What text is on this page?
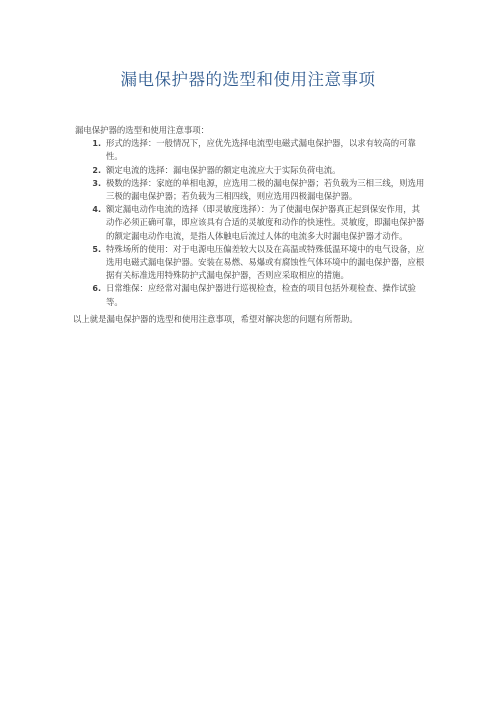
漏电保护器的选型和使用注意事项

漏电保护器的选型和使用注意事项：

1. 形式的选择：一般情况下，应优先选择电流型电磁式漏电保护器，以求有较高的可靠性。
2. 额定电流的选择：漏电保护器的额定电流应大于实际负荷电流。
3. 极数的选择：家庭的单相电源，应选用二极的漏电保护器；若负载为三相三线，则选用三极的漏电保护器；若负载为三相四线，则应选用四极漏电保护器。
4. 额定漏电动作电流的选择（即灵敏度选择）：为了使漏电保护器真正起到保安作用，其动作必须正确可靠，即应该具有合适的灵敏度和动作的快速性。灵敏度，即漏电保护器的额定漏电动作电流，是指人体触电后流过人体的电流多大时漏电保护器才动作。
5. 特殊场所的使用：对于电源电压偏差较大以及在高温或特殊低温环境中的电气设备，应选用电磁式漏电保护器。安装在易燃、易爆或有腐蚀性气体环境中的漏电保护器，应根据有关标准选用特殊防护式漏电保护器，否则应采取相应的措施。
6. 日常维保：应经常对漏电保护器进行巡视检查，检查的项目包括外观检查、操作试验等。

以上就是漏电保护器的选型和使用注意事项，希望对解决您的问题有所帮助。
